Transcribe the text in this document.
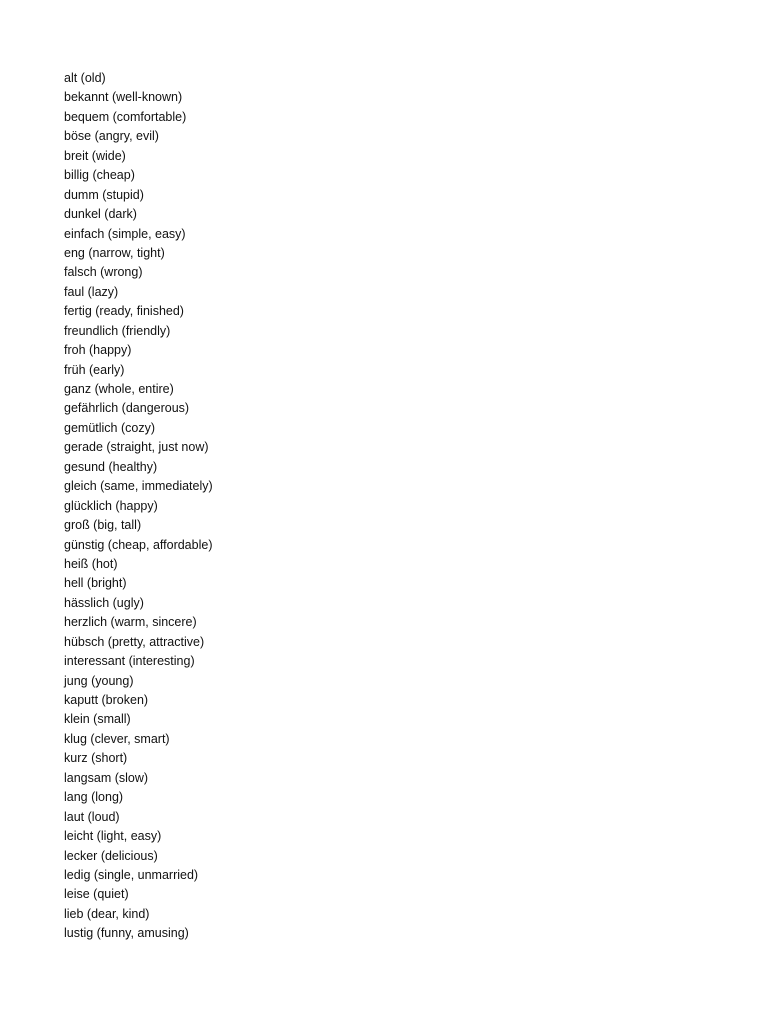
alt (old)
bekannt (well-known)
bequem (comfortable)
böse (angry, evil)
breit (wide)
billig (cheap)
dumm (stupid)
dunkel (dark)
einfach (simple, easy)
eng (narrow, tight)
falsch (wrong)
faul (lazy)
fertig (ready, finished)
freundlich (friendly)
froh (happy)
früh (early)
ganz (whole, entire)
gefährlich (dangerous)
gemütlich (cozy)
gerade (straight, just now)
gesund (healthy)
gleich (same, immediately)
glücklich (happy)
groß (big, tall)
günstig (cheap, affordable)
heiß (hot)
hell (bright)
hässlich (ugly)
herzlich (warm, sincere)
hübsch (pretty, attractive)
interessant (interesting)
jung (young)
kaputt (broken)
klein (small)
klug (clever, smart)
kurz (short)
langsam (slow)
lang (long)
laut (loud)
leicht (light, easy)
lecker (delicious)
ledig (single, unmarried)
leise (quiet)
lieb (dear, kind)
lustig (funny, amusing)
